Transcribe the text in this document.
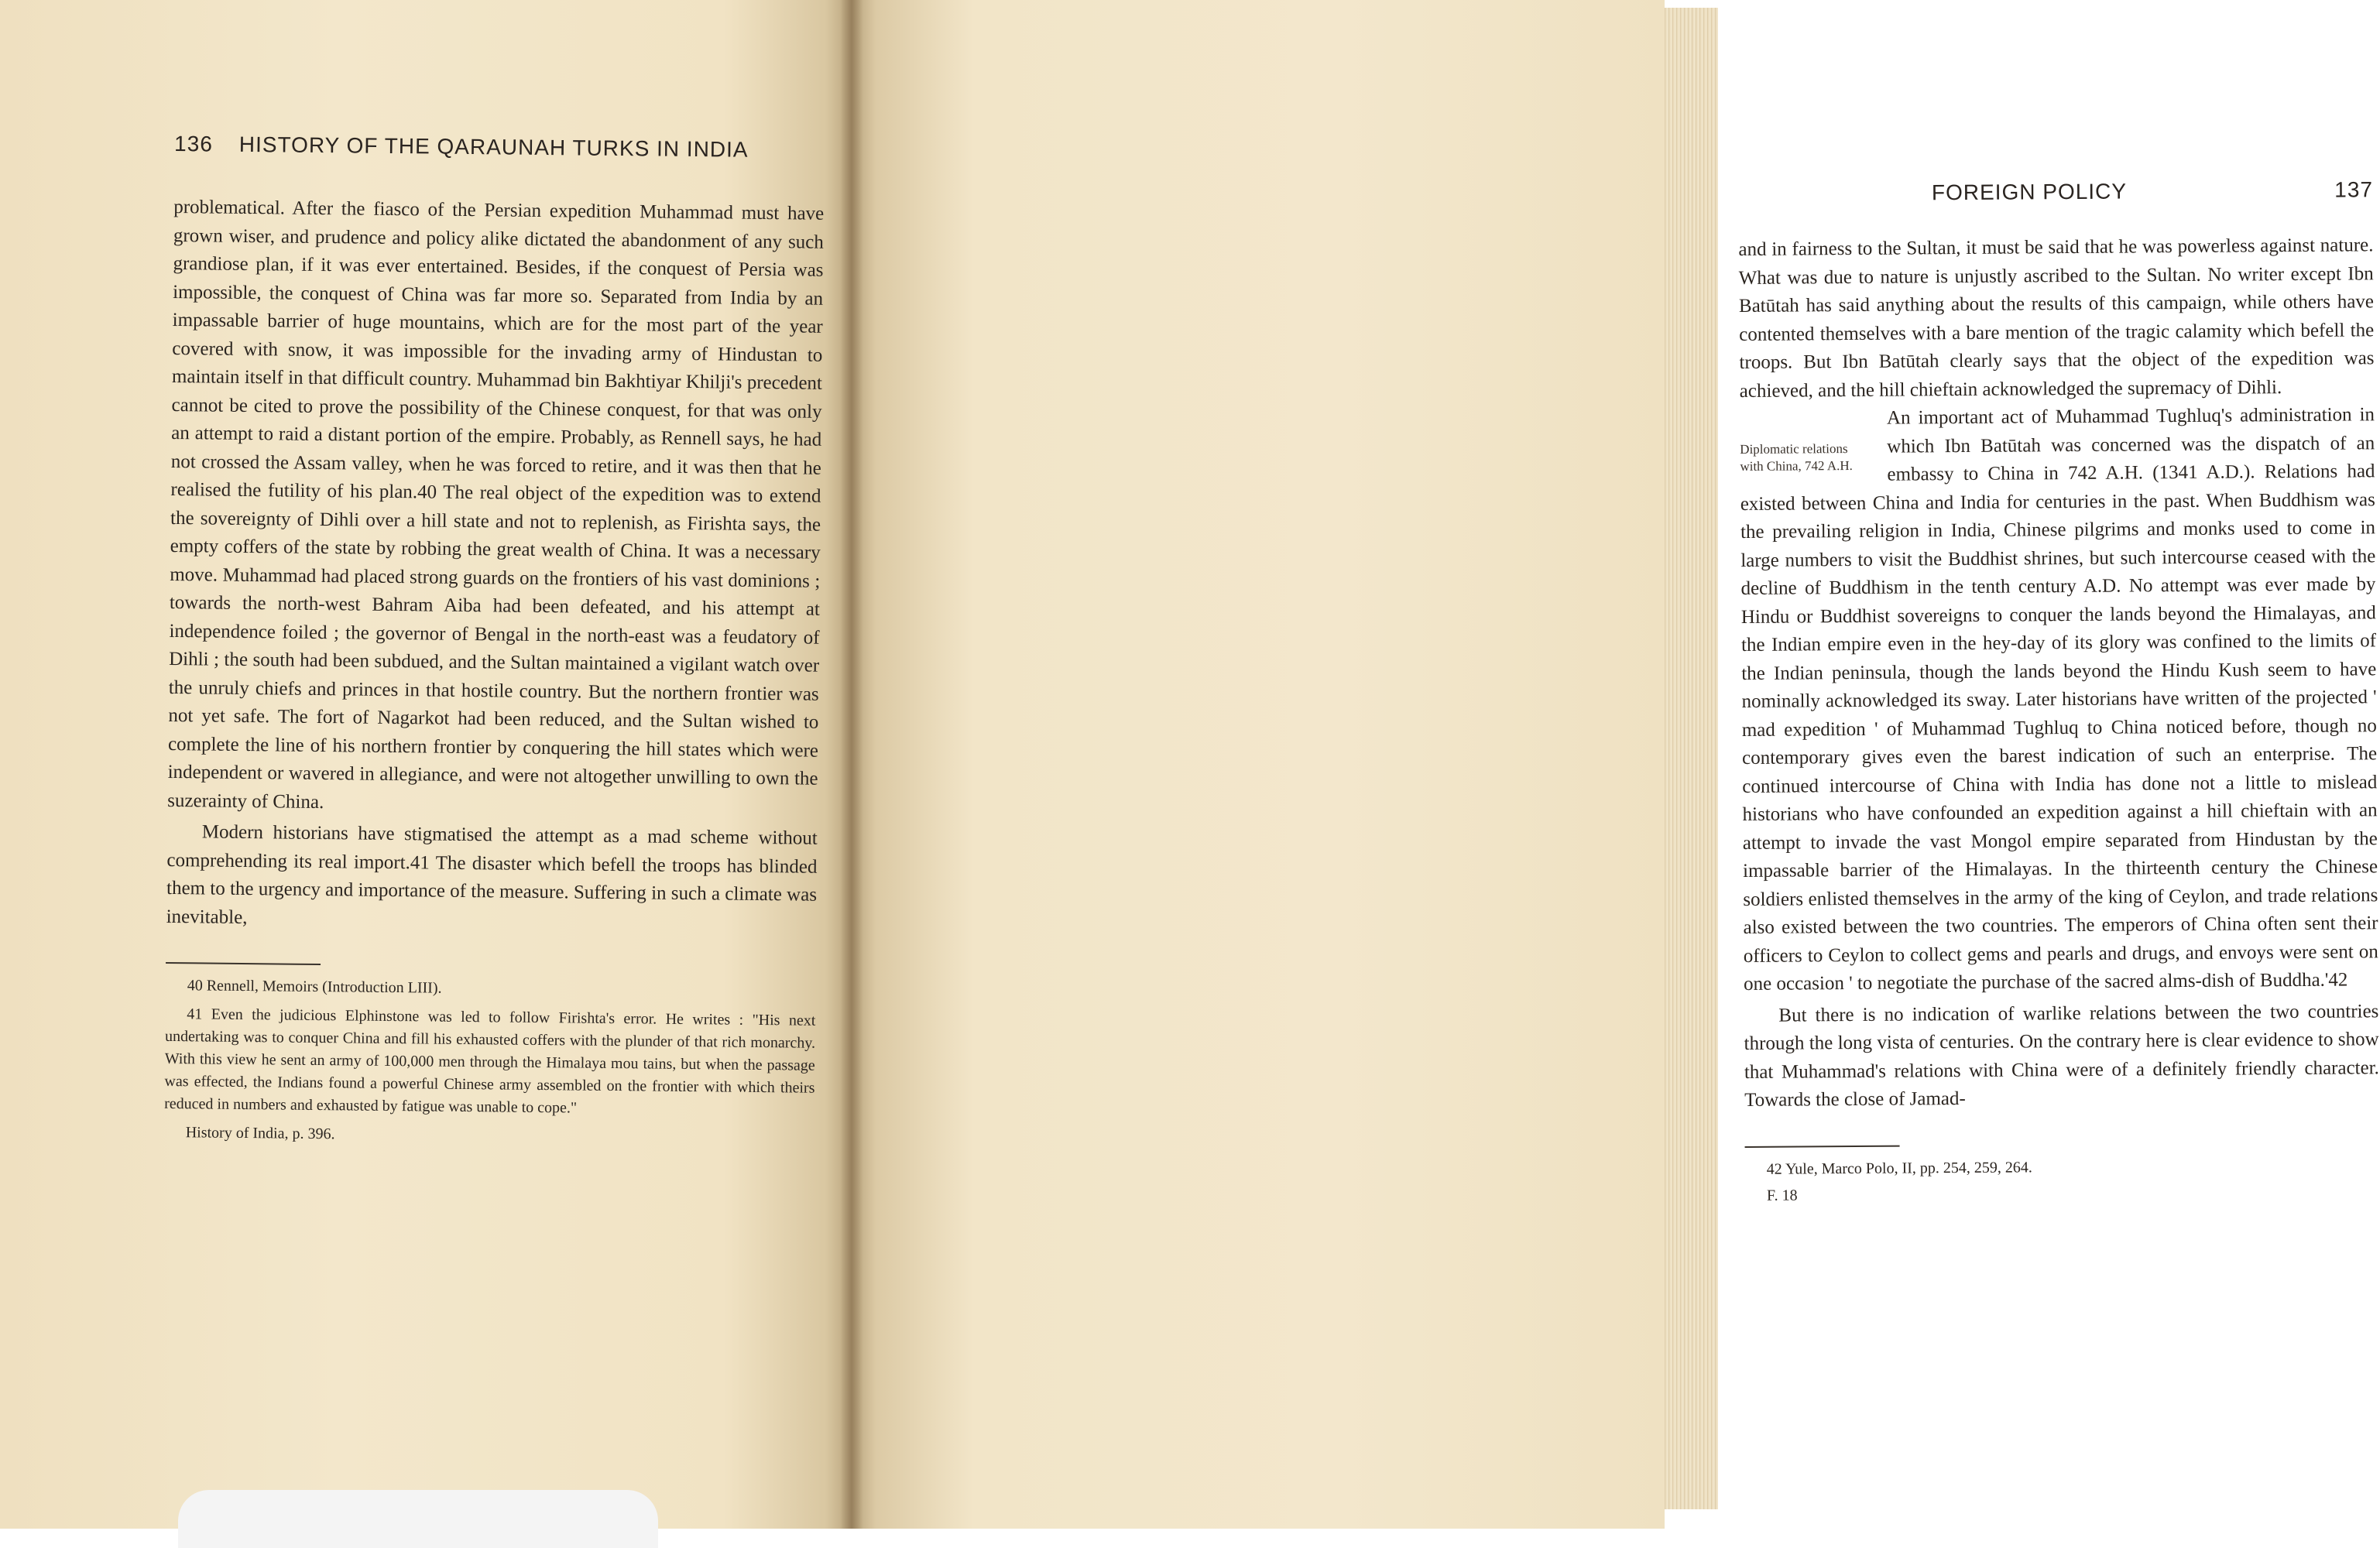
136 HISTORY OF THE QARAUNAH TURKS IN INDIA

problematical. After the fiasco of the Persian expedition Muhammad must have grown wiser, and prudence and policy alike dictated the abandonment of any such grandiose plan, if it was ever entertained. Besides, if the conquest of Persia was impossible, the conquest of China was far more so. Separated from India by an impassable barrier of huge mountains, which are for the most part of the year covered with snow, it was impossible for the invading army of Hindustan to maintain itself in that difficult country. Muhammad bin Bakhtiyar Khilji's precedent cannot be cited to prove the possibility of the Chinese conquest, for that was only an attempt to raid a distant portion of the empire. Probably, as Rennell says, he had not crossed the Assam valley, when he was forced to retire, and it was then that he realised the futility of his plan.40 The real object of the expedition was to extend the sovereignty of Dihli over a hill state and not to replenish, as Firishta says, the empty coffers of the state by robbing the great wealth of China. It was a necessary move. Muhammad had placed strong guards on the frontiers of his vast dominions ; towards the north-west Bahram Aiba had been defeated, and his attempt at independence foiled ; the governor of Bengal in the north-east was a feudatory of Dihli ; the south had been subdued, and the Sultan maintained a vigilant watch over the unruly chiefs and princes in that hostile country. But the northern frontier was not yet safe. The fort of Nagarkot had been reduced, and the Sultan wished to complete the line of his northern frontier by conquering the hill states which were independent or wavered in allegiance, and were not altogether unwilling to own the suzerainty of China.

Modern historians have stigmatised the attempt as a mad scheme without comprehending its real import.41 The disaster which befell the troops has blinded them to the urgency and importance of the measure. Suffering in such a climate was inevitable,

40 Rennell, Memoirs (Introduction LIII).

41 Even the judicious Elphinstone was led to follow Firishta's error. He writes : "His next undertaking was to conquer China and fill his exhausted coffers with the plunder of that rich monarchy. With this view he sent an army of 100,000 men through the Himalaya mou tains, but when the passage was effected, the Indians found a powerful Chinese army assembled on the frontier with which theirs reduced in numbers and exhausted by fatigue was unable to cope."

History of India, p. 396.

FOREIGN POLICY	137

and in fairness to the Sultan, it must be said that he was powerless against nature. What was due to nature is unjustly ascribed to the Sultan. No writer except Ibn Batūtah has said anything about the results of this campaign, while others have contented themselves with a bare mention of the tragic calamity which befell the troops. But Ibn Batūtah clearly says that the object of the expedition was achieved, and the hill chieftain acknowledged the supremacy of Dihli.

Diplomatic relations with China, 742 A.H.

An important act of Muhammad Tughluq's administration in which Ibn Batūtah was concerned was the dispatch of an embassy to China in 742 A.H. (1341 A.D.). Relations had existed between China and India for centuries in the past. When Buddhism was the prevailing religion in India, Chinese pilgrims and monks used to come in large numbers to visit the Buddhist shrines, but such intercourse ceased with the decline of Buddhism in the tenth century A.D. No attempt was ever made by Hindu or Buddhist sovereigns to conquer the lands beyond the Himalayas, and the Indian empire even in the hey-day of its glory was confined to the limits of the Indian peninsula, though the lands beyond the Hindu Kush seem to have nominally acknowledged its sway. Later historians have written of the projected ' mad expedition ' of Muhammad Tughluq to China noticed before, though no contemporary gives even the barest indication of such an enterprise. The continued intercourse of China with India has done not a little to mislead historians who have confounded an expedition against a hill chieftain with an attempt to invade the vast Mongol empire separated from Hindustan by the impassable barrier of the Himalayas. In the thirteenth century the Chinese soldiers enlisted themselves in the army of the king of Ceylon, and trade relations also existed between the two countries. The emperors of China often sent their officers to Ceylon to collect gems and pearls and drugs, and envoys were sent on one occasion ' to negotiate the purchase of the sacred alms-dish of Buddha.'42

But there is no indication of warlike relations between the two countries through the long vista of centuries. On the contrary here is clear evidence to show that Muhammad's relations with China were of a definitely friendly character. Towards the close of Jamad-

42 Yule, Marco Polo, II, pp. 254, 259, 264.

F. 18
